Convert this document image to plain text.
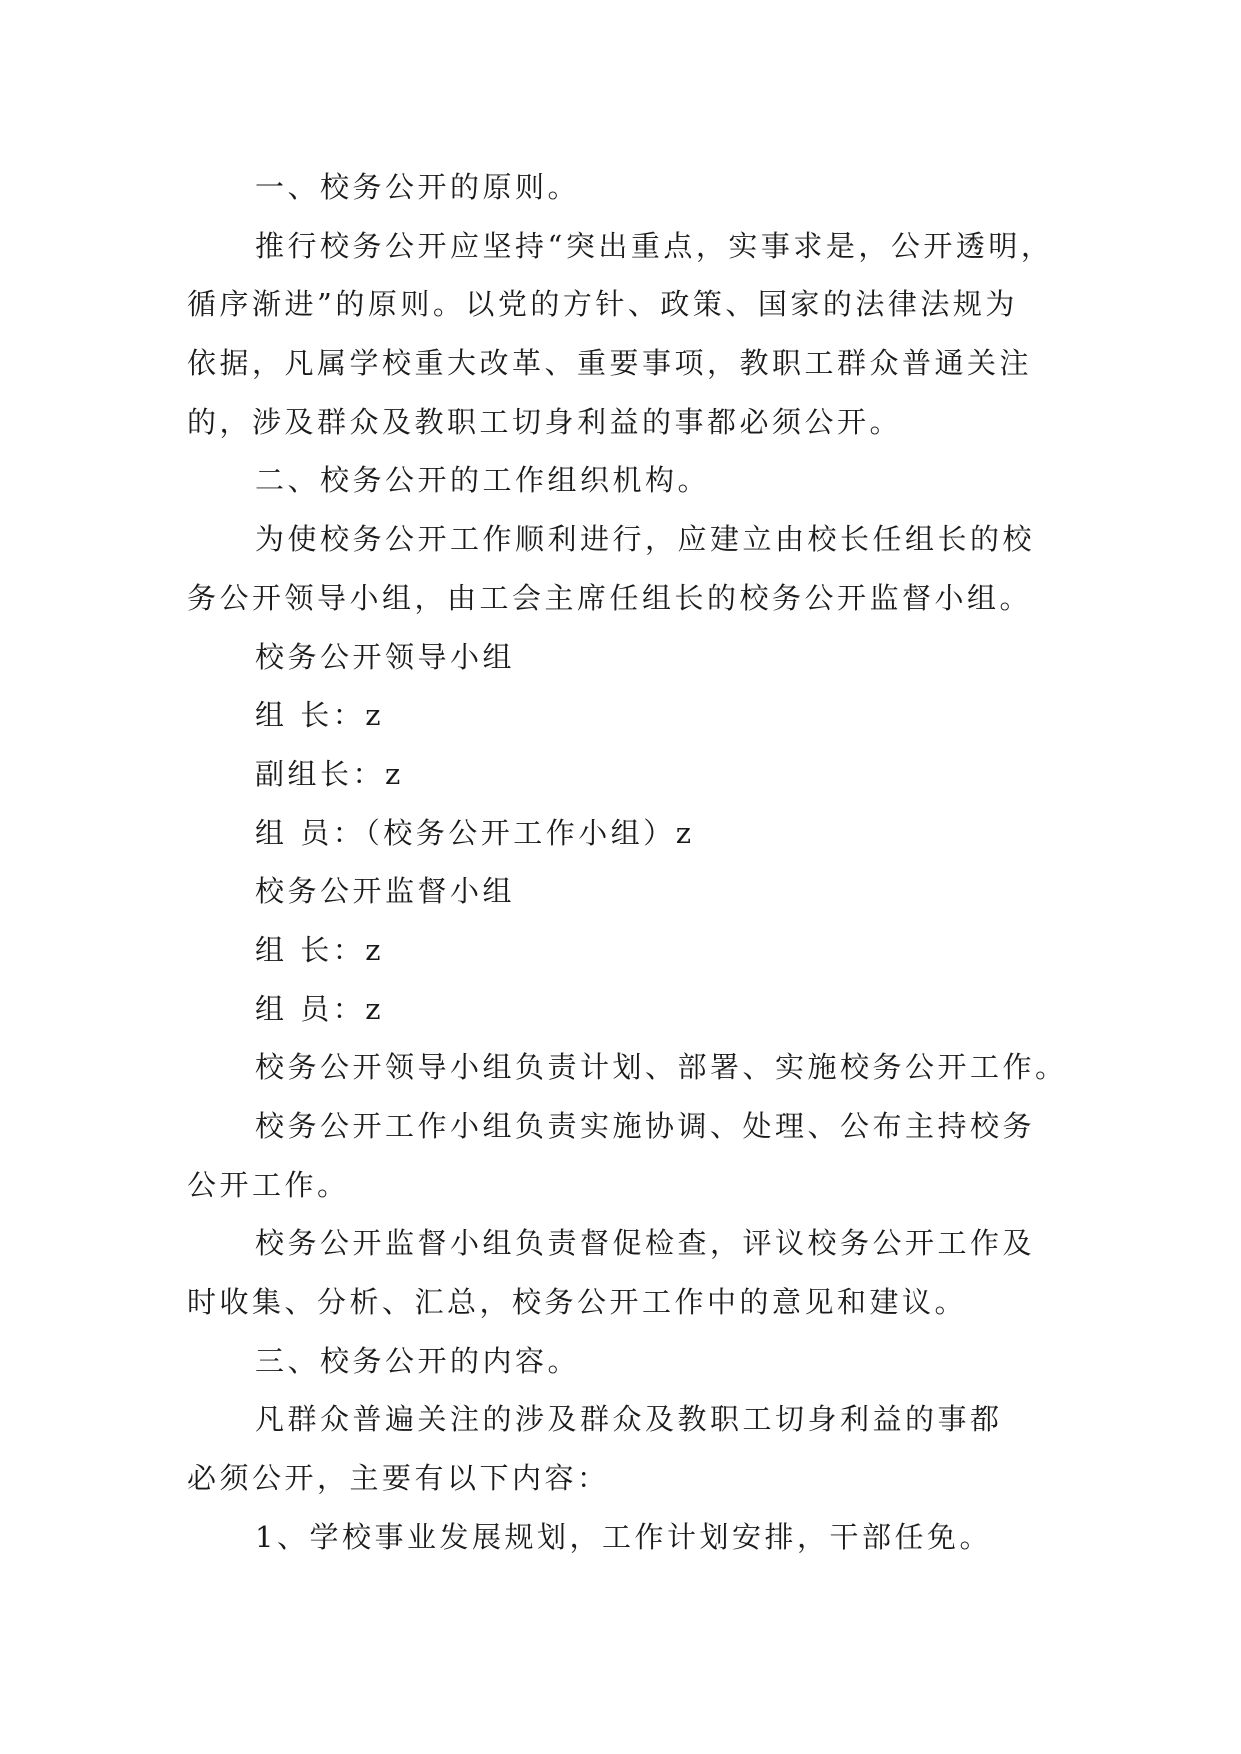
一、校务公开的原则。
推行校务公开应坚持“突出重点，实事求是，公开透明，
循序渐进”的原则。以党的方针、政策、国家的法律法规为
依据，凡属学校重大改革、重要事项，教职工群众普通关注
的，涉及群众及教职工切身利益的事都必须公开。
二、校务公开的工作组织机构。
为使校务公开工作顺利进行，应建立由校长任组长的校
务公开领导小组，由工会主席任组长的校务公开监督小组。
校务公开领导小组
组 长：z
副组长：z
组 员：（校务公开工作小组）z
校务公开监督小组
组 长：z
组 员：z
校务公开领导小组负责计划、部署、实施校务公开工作。
校务公开工作小组负责实施协调、处理、公布主持校务
公开工作。
校务公开监督小组负责督促检查，评议校务公开工作及
时收集、分析、汇总，校务公开工作中的意见和建议。
三、校务公开的内容。
凡群众普遍关注的涉及群众及教职工切身利益的事都
必须公开，主要有以下内容：
1、学校事业发展规划，工作计划安排，干部任免。
